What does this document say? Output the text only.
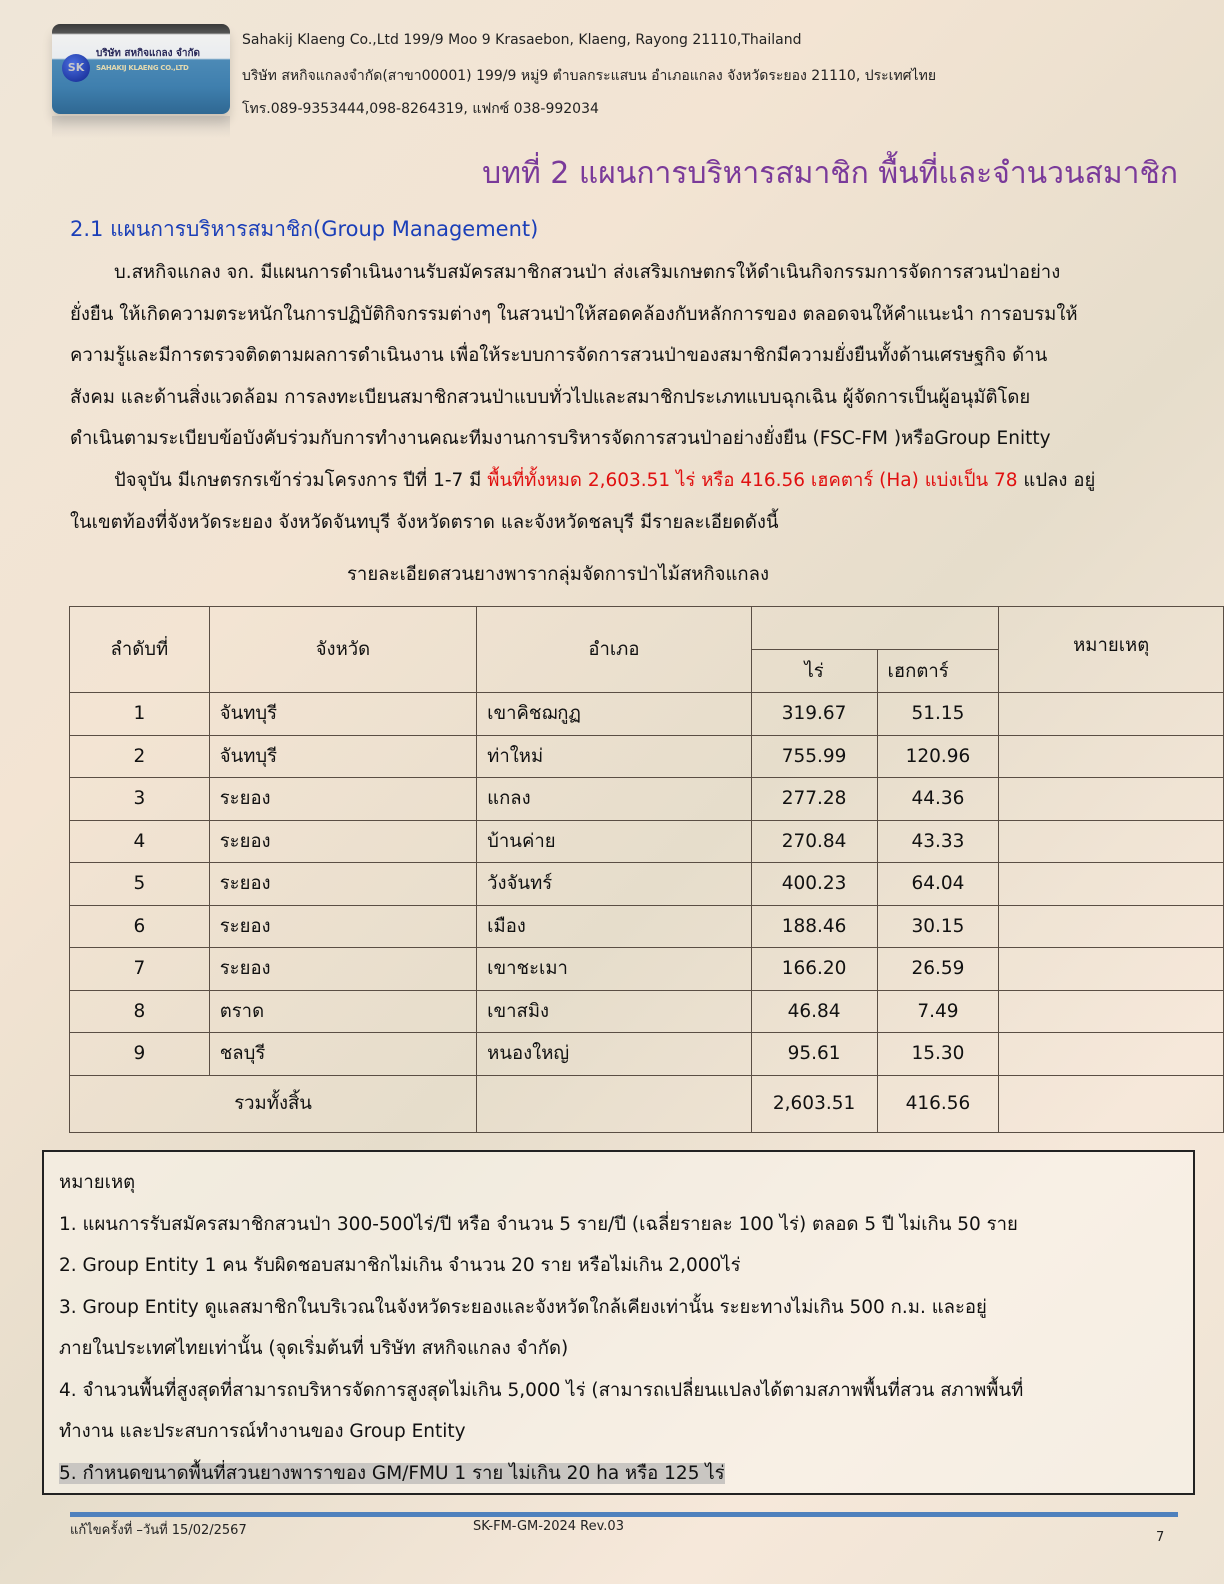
SK
บริษัท สหกิจแกลง จำกัด
SAHAKIJ KLAENG CO.,LTD
Sahakij Klaeng Co.,Ltd 199/9 Moo 9 Krasaebon, Klaeng, Rayong 21110,Thailand
บริษัท สหกิจแกลงจำกัด(สาขา00001) 199/9 หมู่9 ตำบลกระแสบน อำเภอแกลง จังหวัดระยอง 21110, ประเทศไทย
โทร.089-9353444,098-8264319, แฟกซ์ 038-992034
บทที่ 2 แผนการบริหารสมาชิก พื้นที่และจำนวนสมาชิก
2.1 แผนการบริหารสมาชิก(Group Management)

บ.สหกิจแกลง จก. มีแผนการดำเนินงานรับสมัครสมาชิกสวนป่า ส่งเสริมเกษตกรให้ดำเนินกิจกรรมการจัดการสวนป่าอย่าง

ยั่งยืน ให้เกิดความตระหนักในการปฏิบัติกิจกรรมต่างๆ ในสวนป่าให้สอดคล้องกับหลักการของ ตลอดจนให้คำแนะนำ การอบรมให้

ความรู้และมีการตรวจติดตามผลการดำเนินงาน เพื่อให้ระบบการจัดการสวนป่าของสมาชิกมีความยั่งยืนทั้งด้านเศรษฐกิจ ด้าน

สังคม และด้านสิ่งแวดล้อม การลงทะเบียนสมาชิกสวนป่าแบบทั่วไปและสมาชิกประเภทแบบฉุกเฉิน ผู้จัดการเป็นผู้อนุมัติโดย

ดำเนินตามระเบียบข้อบังคับร่วมกับการทำงานคณะทีมงานการบริหารจัดการสวนป่าอย่างยั่งยืน (FSC-FM )หรือGroup Enitty

ปัจจุบัน มีเกษตรกรเข้าร่วมโครงการ ปีที่ 1-7 มี พื้นที่ทั้งหมด 2,603.51 ไร่ หรือ 416.56 เฮคตาร์ (Ha) แบ่งเป็น 78 แปลง อยู่

ในเขตท้องที่จังหวัดระยอง จังหวัดจันทบุรี จังหวัดตราด และจังหวัดชลบุรี มีรายละเอียดดังนี้

รายละเอียดสวนยางพารากลุ่มจัดการป่าไม้สหกิจแกลง
ลำดับที่	จังหวัด	อำเภอ			หมายเหตุ
			ไร่	เฮกตาร์	
1	จันทบุรี	เขาคิชฌกูฏ	319.67	51.15	
2	จันทบุรี	ท่าใหม่	755.99	120.96	
3	ระยอง	แกลง	277.28	44.36	
4	ระยอง	บ้านค่าย	270.84	43.33	
5	ระยอง	วังจันทร์	400.23	64.04	
6	ระยอง	เมือง	188.46	30.15	
7	ระยอง	เขาชะเมา	166.20	26.59	
8	ตราด	เขาสมิง	46.84	7.49	
9	ชลบุรี	หนองใหญ่	95.61	15.30	
รวมทั้งสิ้น			2,603.51	416.56	

หมายเหตุ

1. แผนการรับสมัครสมาชิกสวนป่า 300-500ไร่/ปี หรือ จำนวน 5 ราย/ปี (เฉลี่ยรายละ 100 ไร่) ตลอด 5 ปี ไม่เกิน 50 ราย

2. Group Entity 1 คน รับผิดชอบสมาชิกไม่เกิน จำนวน 20 ราย หรือไม่เกิน 2,000ไร่

3. Group Entity ดูแลสมาชิกในบริเวณในจังหวัดระยองและจังหวัดใกล้เคียงเท่านั้น ระยะทางไม่เกิน 500 ก.ม. และอยู่

ภายในประเทศไทยเท่านั้น (จุดเริ่มต้นที่ บริษัท สหกิจแกลง จำกัด)

4. จำนวนพื้นที่สูงสุดที่สามารถบริหารจัดการสูงสุดไม่เกิน 5,000 ไร่ (สามารถเปลี่ยนแปลงได้ตามสภาพพื้นที่สวน สภาพพื้นที่

ทำงาน และประสบการณ์ทำงานของ Group Entity

5. กำหนดขนาดพื้นที่สวนยางพาราของ GM/FMU 1 ราย ไม่เกิน 20 ha หรือ 125 ไร่

แก้ไขครั้งที่ –วันที่ 15/02/2567	SK-FM-GM-2024 Rev.03
7
